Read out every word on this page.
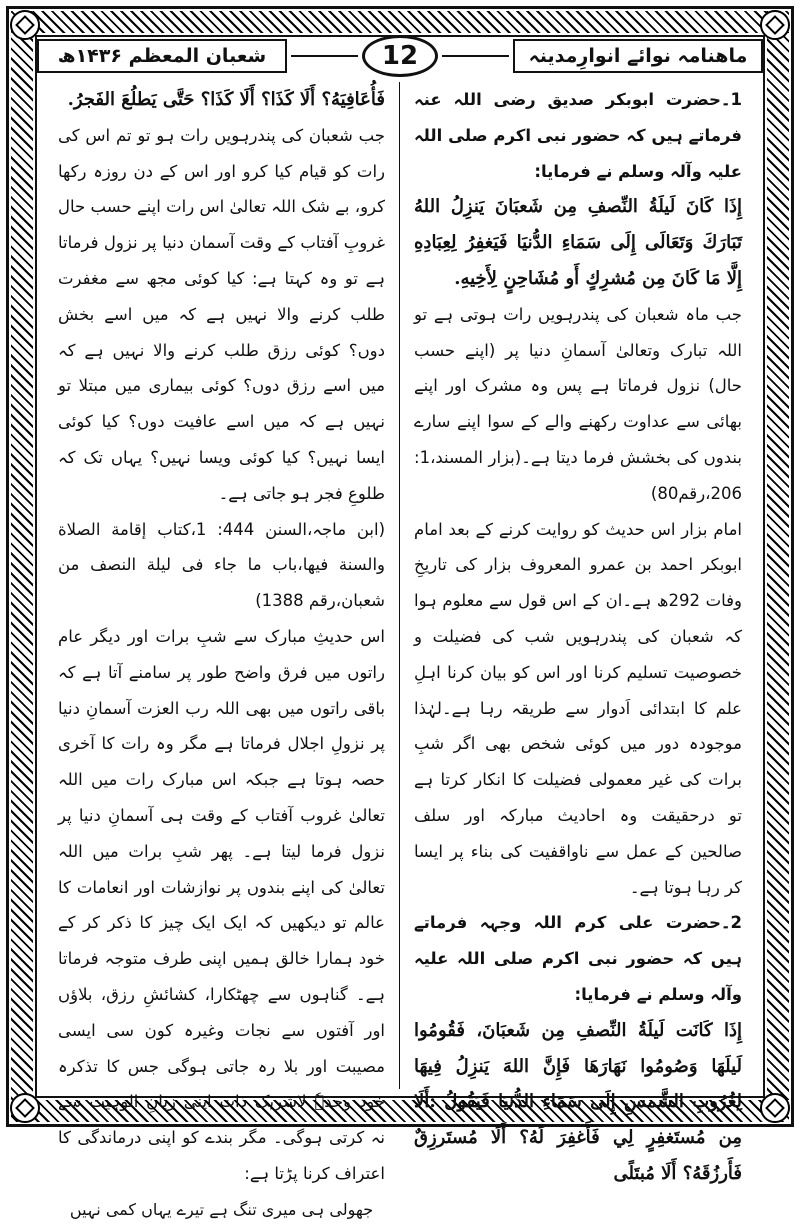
شعبان المعظم ۱۴۳۶ھ	12	ماھنامہ نوائے انوارِمدینہ

1۔حضرت ابوبکر صدیق رضی اللہ عنہ فرماتے ہیں کہ حضور نبی اکرم صلی اللہ علیہ وآلہ وسلم نے فرمایا:

إِذَا كَانَ لَيلَةُ النِّصفِ مِن شَعبَانَ يَنزِلُ اللهُ تَبَارَكَ وَتَعَالَى إِلَى سَمَاءِ الدُّنيَا فَيَغفِرُ لِعِبَادِهِ إِلَّا مَا كَانَ مِن مُشرِكٍ أَو مُشَاحِنٍ لِأَخِيهِ.

جب ماہ شعبان کی پندرہویں رات ہوتی ہے تو اللہ تبارک وتعالیٰ آسمانِ دنیا پر (اپنے حسب حال) نزول فرماتا ہے پس وہ مشرک اور اپنے بھائی سے عداوت رکھنے والے کے سوا اپنے سارے بندوں کی بخشش فرما دیتا ہے۔(بزار المسند،1: 206،رقم80)

امام بزار اس حدیث کو روایت کرنے کے بعد امام ابوبکر احمد بن عمرو المعروف بزار کی تاریخِ وفات 292ھ ہے۔ان کے اس قول سے معلوم ہوا کہ شعبان کی پندرہویں شب کی فضیلت و خصوصیت تسلیم کرنا اور اس کو بیان کرنا اہلِ علم کا ابتدائی اَدوار سے طریقہ رہا ہے۔لہٰذا موجودہ دور میں کوئی شخص بھی اگر شبِ برات کی غیر معمولی فضیلت کا انکار کرتا ہے تو درحقیقت وہ احادیث مبارکہ اور سلف صالحین کے عمل سے ناواقفیت کی بناء پر ایسا کر رہا ہوتا ہے۔

2۔حضرت علی کرم اللہ وجہہ فرماتے ہیں کہ حضور نبی اکرم صلی اللہ علیہ وآلہ وسلم نے فرمایا:

إِذَا كَانَت لَيلَةُ النِّصفِ مِن شَعبَانَ، فَقُومُوا لَيلَهَا وَصُومُوا نَهَارَهَا فَإِنَّ اللهَ يَنزِلُ فِيهَا لِغُرُوبِ الشَّمسِ إِلَى سَمَاءِ الدُّنيَا فَيَقُولُ :أَلَا مِن مُستَغفِرٍ لِي فَأَغفِرَ لَهُ؟ أَلَا مُستَرزِقٌ فَأَرزُقَهُ؟ أَلَا مُبتَلًى

فَأُعَافِيَهُ؟ أَلَا كَذَا؟ أَلَا كَذَا؟ حَتَّى يَطلُعَ الفَجرُ.

جب شعبان کی پندرہویں رات ہو تو تم اس کی رات کو قیام کیا کرو اور اس کے دن روزہ رکھا کرو، بے شک اللہ تعالیٰ اس رات اپنے حسب حال غروبِ آفتاب کے وقت آسمان دنیا پر نزول فرماتا ہے تو وہ کہتا ہے: کیا کوئی مجھ سے مغفرت طلب کرنے والا نہیں ہے کہ میں اسے بخش دوں؟ کوئی رزق طلب کرنے والا نہیں ہے کہ میں اسے رزق دوں؟ کوئی بیماری میں مبتلا تو نہیں ہے کہ میں اسے عافیت دوں؟ کیا کوئی ایسا نہیں؟ کیا کوئی ویسا نہیں؟ یہاں تک کہ طلوعِ فجر ہو جاتی ہے۔

(ابن ماجہ،السنن 444: 1،کتاب إقامة الصلاة والسنة فیھا،باب ما جاء فی لیلة النصف من شعبان،رقم 1388)

اس حدیثِ مبارک سے شبِ برات اور دیگر عام راتوں میں فرق واضح طور پر سامنے آتا ہے کہ باقی راتوں میں بھی اللہ رب العزت آسمانِ دنیا پر نزولِ اجلال فرماتا ہے مگر وہ رات کا آخری حصہ ہوتا ہے جبکہ اس مبارک رات میں اللہ تعالیٰ غروب آفتاب کے وقت ہی آسمانِ دنیا پر نزول فرما لیتا ہے۔ پھر شبِ برات میں اللہ تعالیٰ کی اپنے بندوں پر نوازشات اور انعامات کا عالم تو دیکھیں کہ ایک ایک چیز کا ذکر کر کے خود ہمارا خالق ہمیں اپنی طرف متوجہ فرماتا ہے۔ گناہوں سے چھٹکارا، کشائشِ رزق، بلاؤں اور آفتوں سے نجات وغیرہ کون سی ایسی مصیبت اور بلا رہ جاتی ہوگی جس کا تذکرہ خود وحدہٗ لاشریک ذات اپنی زبانِ الوہیت سے نہ کرتی ہوگی۔ مگر بندے کو اپنی درماندگی کا اعتراف کرنا پڑتا ہے:

جھولی ہی میری تنگ ہے تیرے یہاں کمی نہیں
